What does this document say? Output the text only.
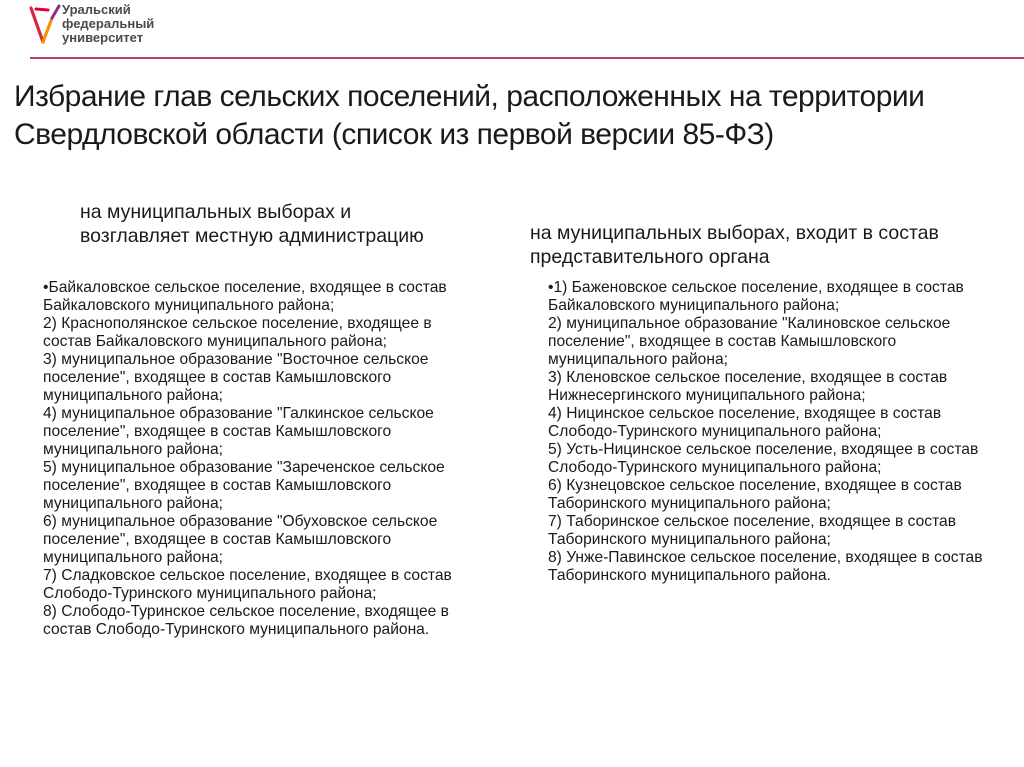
Уральский
федеральный
университет
Избрание глав сельских поселений, расположенных на территории Свердловской области (список из первой версии 85-ФЗ)

на муниципальных выборах и возглавляет местную администрацию

•Байкаловское сельское поселение, входящее в состав Байкаловского муниципального района;
2) Краснополянское сельское поселение, входящее в состав Байкаловского муниципального района;
3) муниципальное образование "Восточное сельское поселение", входящее в состав Камышловского муниципального района;
4) муниципальное образование "Галкинское сельское поселение", входящее в состав Камышловского муниципального района;
5) муниципальное образование "Зареченское сельское поселение", входящее в состав Камышловского муниципального района;
6) муниципальное образование "Обуховское сельское поселение", входящее в состав Камышловского муниципального района;
7) Сладковское сельское поселение, входящее в состав Слободо-Туринского муниципального района;
8) Слободо-Туринское сельское поселение, входящее в состав Слободо-Туринского муниципального района.

на муниципальных выборах, входит в состав представительного органа

•1) Баженовское сельское поселение, входящее в состав Байкаловского муниципального района;
2) муниципальное образование "Калиновское сельское поселение", входящее в состав Камышловского муниципального района;
3) Кленовское сельское поселение, входящее в состав Нижнесергинского муниципального района;
4) Ницинское сельское поселение, входящее в состав Слободо-Туринского муниципального района;
5) Усть-Ницинское сельское поселение, входящее в состав Слободо-Туринского муниципального района;
6) Кузнецовское сельское поселение, входящее в состав Таборинского муниципального района;
7) Таборинское сельское поселение, входящее в состав Таборинского муниципального района;
8) Унже-Павинское сельское поселение, входящее в состав Таборинского муниципального района.
